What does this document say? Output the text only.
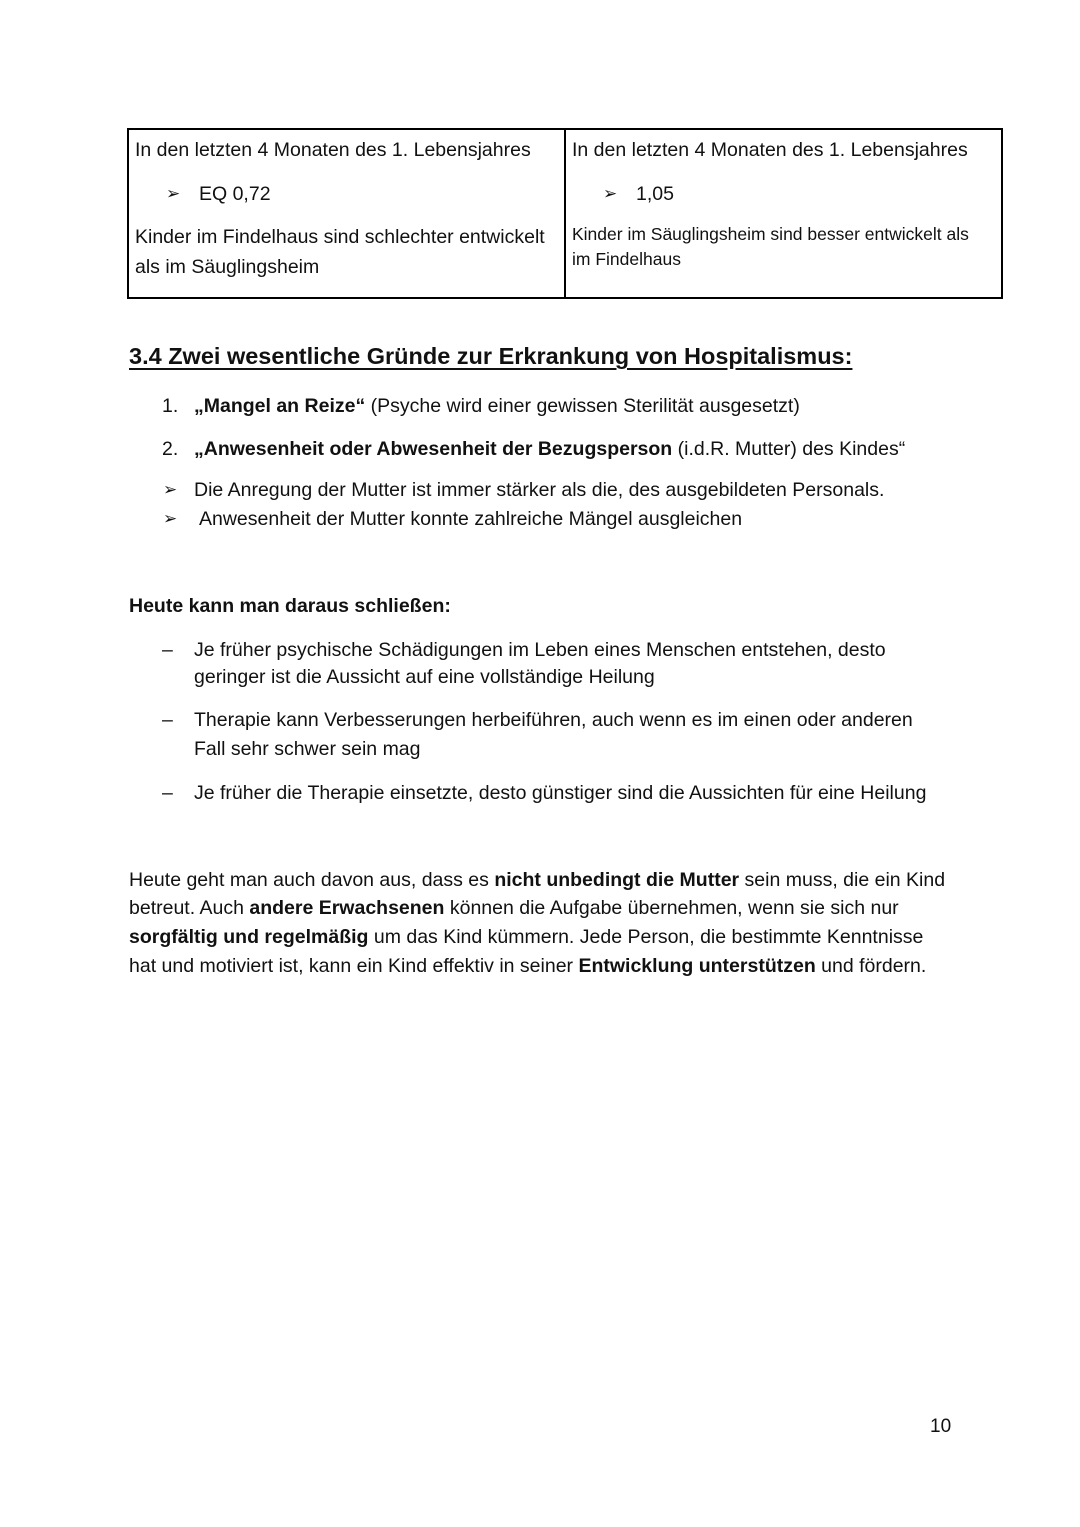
In den letzten 4 Monaten des 1. Lebensjahres
➢ EQ 0,72
Kinder im Findelhaus sind schlechter entwickelt
als im Säuglingsheim
In den letzten 4 Monaten des 1. Lebensjahres
➢ 1,05
Kinder im Säuglingsheim sind besser entwickelt als
im Findelhaus
3.4 Zwei wesentliche Gründe zur Erkrankung von Hospitalismus:
1. „Mangel an Reize“ (Psyche wird einer gewissen Sterilität ausgesetzt)
2. „Anwesenheit oder Abwesenheit der Bezugsperson (i.d.R. Mutter) des Kindes“
➢ Die Anregung der Mutter ist immer stärker als die, des ausgebildeten Personals.
➢ Anwesenheit der Mutter konnte zahlreiche Mängel ausgleichen
Heute kann man daraus schließen:
– Je früher psychische Schädigungen im Leben eines Menschen entstehen, desto
geringer ist die Aussicht auf eine vollständige Heilung
– Therapie kann Verbesserungen herbeiführen, auch wenn es im einen oder anderen
Fall sehr schwer sein mag
– Je früher die Therapie einsetzte, desto günstiger sind die Aussichten für eine Heilung
Heute geht man auch davon aus, dass es nicht unbedingt die Mutter sein muss, die ein Kind
betreut. Auch andere Erwachsenen können die Aufgabe übernehmen, wenn sie sich nur
sorgfältig und regelmäßig um das Kind kümmern. Jede Person, die bestimmte Kenntnisse
hat und motiviert ist, kann ein Kind effektiv in seiner Entwicklung unterstützen und fördern.
10
